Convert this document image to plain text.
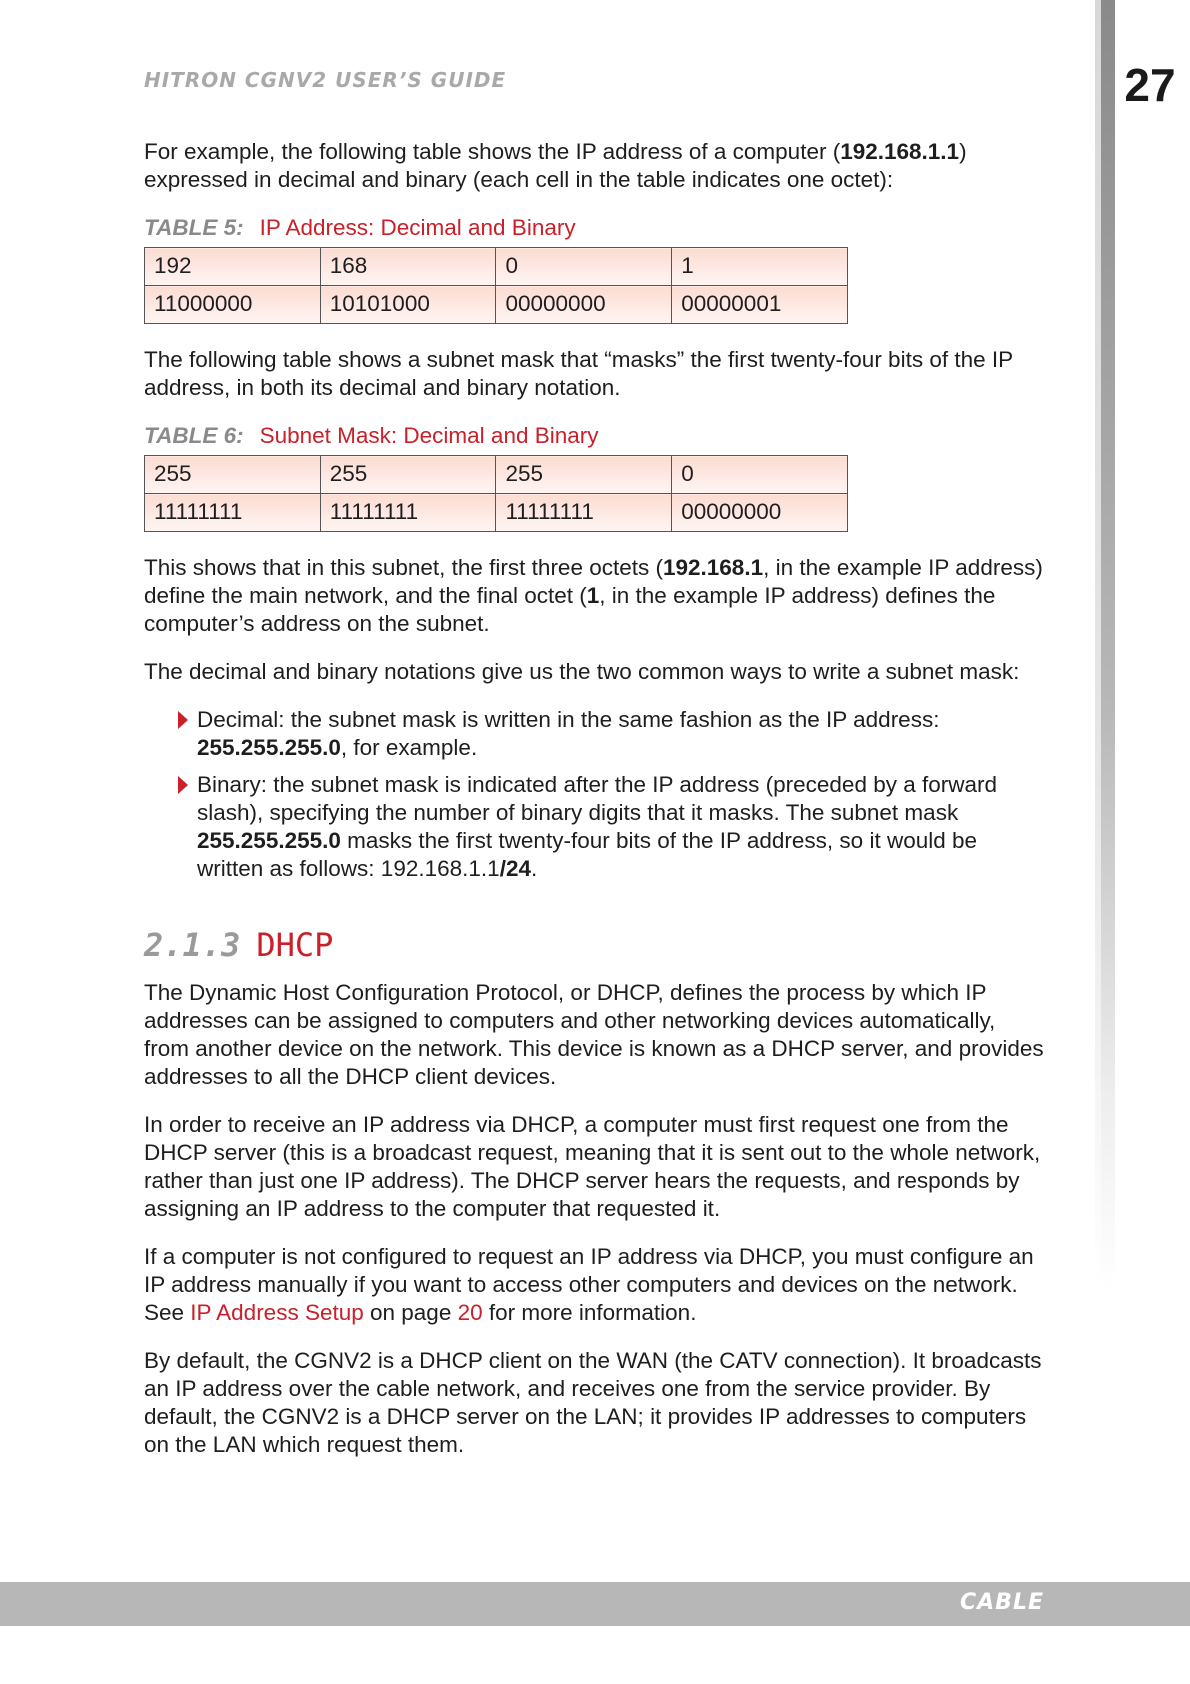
HITRON CGNV2 USER’S GUIDE	27

For example, the following table shows the IP address of a computer (192.168.1.1) expressed in decimal and binary (each cell in the table indicates one octet):

TABLE 5: IP Address: Decimal and Binary
192	168	0	1
11000000	10101000	00000000	00000001

The following table shows a subnet mask that “masks” the first twenty-four bits of the IP address, in both its decimal and binary notation.

TABLE 6: Subnet Mask: Decimal and Binary
255	255	255	0
11111111	11111111	11111111	00000000

This shows that in this subnet, the first three octets (192.168.1, in the example IP address) define the main network, and the final octet (1, in the example IP address) defines the computer’s address on the subnet.

The decimal and binary notations give us the two common ways to write a subnet mask:

Decimal: the subnet mask is written in the same fashion as the IP address: 255.255.255.0, for example.
Binary: the subnet mask is indicated after the IP address (preceded by a forward slash), specifying the number of binary digits that it masks. The subnet mask 255.255.255.0 masks the first twenty-four bits of the IP address, so it would be written as follows: 192.168.1.1/24.
2.1.3 DHCP

The Dynamic Host Configuration Protocol, or DHCP, defines the process by which IP addresses can be assigned to computers and other networking devices automatically, from another device on the network. This device is known as a DHCP server, and provides addresses to all the DHCP client devices.

In order to receive an IP address via DHCP, a computer must first request one from the DHCP server (this is a broadcast request, meaning that it is sent out to the whole network, rather than just one IP address). The DHCP server hears the requests, and responds by assigning an IP address to the computer that requested it.

If a computer is not configured to request an IP address via DHCP, you must configure an IP address manually if you want to access other computers and devices on the network. See IP Address Setup on page 20 for more information.

By default, the CGNV2 is a DHCP client on the WAN (the CATV connection). It broadcasts an IP address over the cable network, and receives one from the service provider. By default, the CGNV2 is a DHCP server on the LAN; it provides IP addresses to computers on the LAN which request them.

CABLE
